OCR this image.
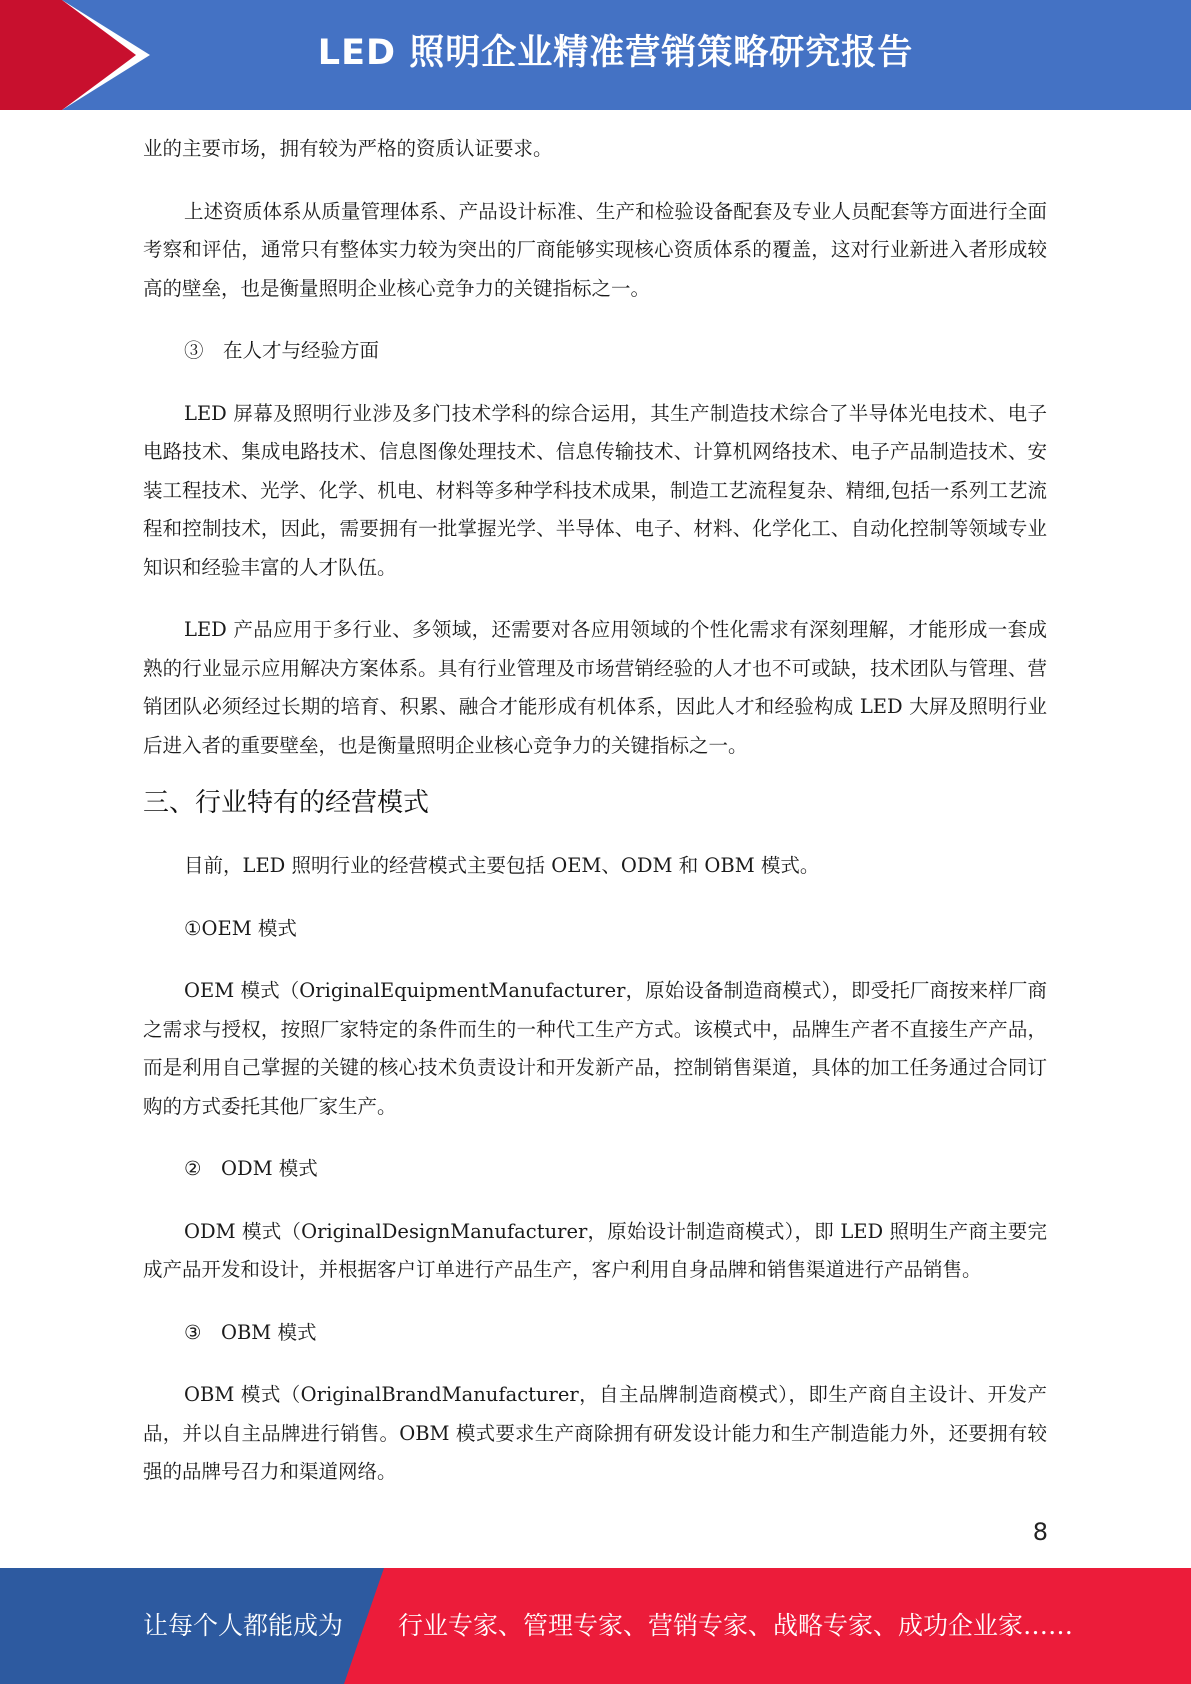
LED 照明企业精准营销策略研究报告

业的主要市场，拥有较为严格的资质认证要求。

上述资质体系从质量管理体系、产品设计标准、生产和检验设备配套及专业人员配套等方面进行全面考察和评估，通常只有整体实力较为突出的厂商能够实现核心资质体系的覆盖，这对行业新进入者形成较高的壁垒，也是衡量照明企业核心竞争力的关键指标之一。

③　在人才与经验方面

LED 屏幕及照明行业涉及多门技术学科的综合运用，其生产制造技术综合了半导体光电技术、电子电路技术、集成电路技术、信息图像处理技术、信息传输技术、计算机网络技术、电子产品制造技术、安装工程技术、光学、化学、机电、材料等多种学科技术成果，制造工艺流程复杂、精细,包括一系列工艺流程和控制技术，因此，需要拥有一批掌握光学、半导体、电子、材料、化学化工、自动化控制等领域专业知识和经验丰富的人才队伍。

LED 产品应用于多行业、多领域，还需要对各应用领域的个性化需求有深刻理解，才能形成一套成熟的行业显示应用解决方案体系。具有行业管理及市场营销经验的人才也不可或缺，技术团队与管理、营销团队必须经过长期的培育、积累、融合才能形成有机体系，因此人才和经验构成 LED 大屏及照明行业后进入者的重要壁垒，也是衡量照明企业核心竞争力的关键指标之一。

三、行业特有的经营模式

目前，LED 照明行业的经营模式主要包括 OEM、ODM 和 OBM 模式。

①OEM 模式

OEM 模式（OriginalEquipmentManufacturer，原始设备制造商模式），即受托厂商按来样厂商之需求与授权，按照厂家特定的条件而生的一种代工生产方式。该模式中，品牌生产者不直接生产产品，而是利用自己掌握的关键的核心技术负责设计和开发新产品，控制销售渠道，具体的加工任务通过合同订购的方式委托其他厂家生产。

②　ODM 模式

ODM 模式（OriginalDesignManufacturer，原始设计制造商模式），即 LED 照明生产商主要完成产品开发和设计，并根据客户订单进行产品生产，客户利用自身品牌和销售渠道进行产品销售。

③　OBM 模式

OBM 模式（OriginalBrandManufacturer，自主品牌制造商模式），即生产商自主设计、开发产品，并以自主品牌进行销售。OBM 模式要求生产商除拥有研发设计能力和生产制造能力外，还要拥有较强的品牌号召力和渠道网络。

8
让每个人都能成为 行业专家、管理专家、营销专家、战略专家、成功企业家……
